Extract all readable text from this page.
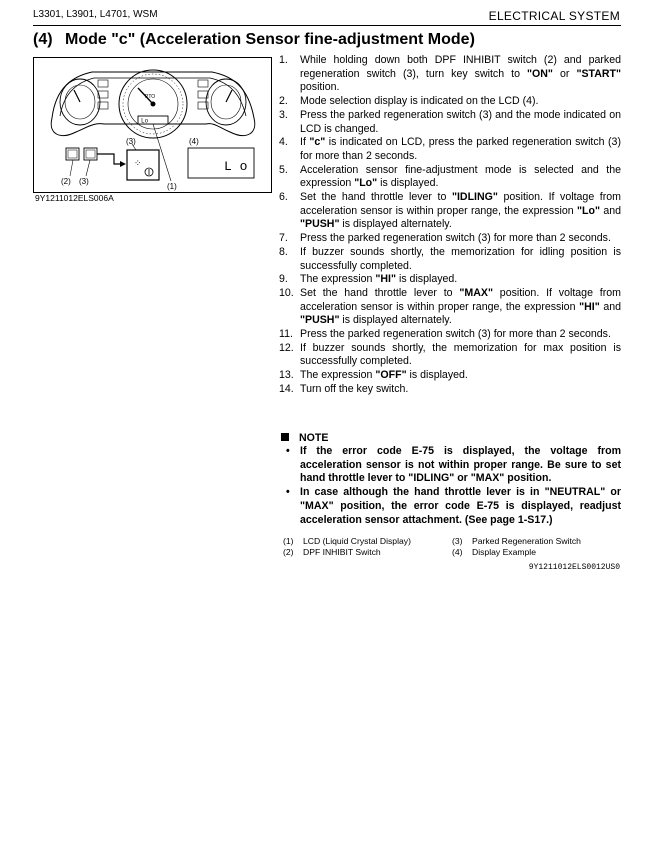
L3301, L3901, L4701, WSM	ELECTRICAL SYSTEM
(4) Mode "c" (Acceleration Sensor fine-adjustment Mode)
PTO
Lo
⁘	L o
(2) (3)
(3)	(4)
(1)
9Y1211012ELS006A
1. While holding down both DPF INHIBIT switch (2) and parked regeneration switch (3), turn key switch to "ON" or "START" position.
2. Mode selection display is indicated on the LCD (4).
3. Press the parked regeneration switch (3) and the mode indicated on LCD is changed.
4. If "c" is indicated on LCD, press the parked regeneration switch (3) for more than 2 seconds.
5. Acceleration sensor fine-adjustment mode is selected and the expression "Lo" is displayed.
6. Set the hand throttle lever to "IDLING" position. If voltage from acceleration sensor is within proper range, the expression "Lo" and "PUSH" is displayed alternately.
7. Press the parked regeneration switch (3) for more than 2 seconds.
8. If buzzer sounds shortly, the memorization for idling position is successfully completed.
9. The expression "HI" is displayed.
10. Set the hand throttle lever to "MAX" position. If voltage from acceleration sensor is within proper range, the expression "HI" and "PUSH" is displayed alternately.
11. Press the parked regeneration switch (3) for more than 2 seconds.
12. If buzzer sounds shortly, the memorization for max position is successfully completed.
13. The expression "OFF" is displayed.
14. Turn off the key switch.
NOTE
• If the error code E-75 is displayed, the voltage from acceleration sensor is not within proper range. Be sure to set hand throttle lever to "IDLING" or "MAX" position.
• In case although the hand throttle lever is in "NEUTRAL" or "MAX" position, the error code E-75 is displayed, readjust acceleration sensor attachment. (See page 1-S17.)
(1) LCD (Liquid Crystal Display)	(3) Parked Regeneration Switch
(2) DPF INHIBIT Switch	(4) Display Example
9Y1211012ELS0012US0
